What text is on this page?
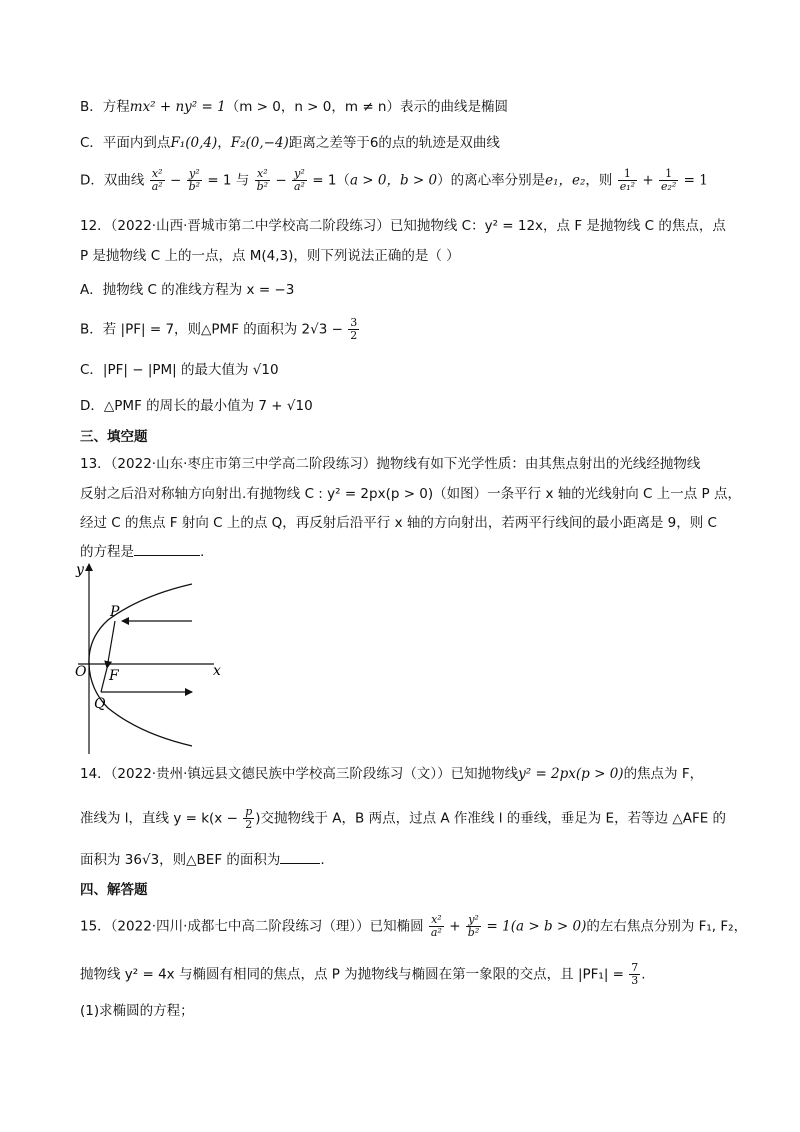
B．方程mx² + ny² = 1（m > 0，n > 0，m ≠ n）表示的曲线是椭圆
C．平面内到点F₁(0,4)，F₂(0,−4)距离之差等于6的点的轨迹是双曲线
D．双曲线 $\frac{\text{x²}}{\text{a²}} - \frac{\text{y²}}{\text{b²}} = 1$ 与 $\frac{\text{x²}}{\text{b²}} - \frac{\text{y²}}{\text{a²}} = 1(a > 0$，b > 0）的离心率分别是e₁，e₂，则 $\frac{1}{\text{e₁²}} + \frac{1}{\text{e₂²}} = 1$
12．（2022·山西·晋城市第二中学校高二阶段练习）已知抛物线 C：y² = 12x，点 F 是抛物线 C 的焦点，点
P 是抛物线 C 上的一点，点 M(4,3)，则下列说法正确的是（ ）
A．抛物线 C 的准线方程为 x = −3
B．若 |PF| = 7，则△PMF 的面积为 $2√3 - \frac{3}{2}$
C．|PF| − |PM| 的最大值为 √10
D．△PMF 的周长的最小值为 7 + √10
三、填空题
13．（2022·山东·枣庄市第三中学高二阶段练习）抛物线有如下光学性质：由其焦点射出的光线经抛物线
反射之后沿对称轴方向射出.有抛物线 C : y² = 2px(p > 0)（如图）一条平行 x 轴的光线射向 C 上一点 P 点，
经过 C 的焦点 F 射向 C 上的点 Q，再反射后沿平行 x 轴的方向射出，若两平行线间的最小距离是 9，则 C
的方程是	.
y
x
O F
P
Q
14．（2022·贵州·镇远县文德民族中学校高三阶段练习（文））已知抛物线y² = 2px(p > 0)的焦点为 F，
准线为 l，直线 $y = k(x - \frac{p}{2}$ )交抛物线于 A，B 两点，过点 A 作准线 l 的垂线，垂足为 E，若等边 △AFE 的
面积为 36√3，则△BEF 的面积为	.
四、解答题
15．（2022·四川·成都七中高二阶段练习（理））已知椭圆 $\frac{\text{x²}}{\text{a²}} + \frac{\text{y²}}{\text{b²}} = 1(a > b > 0)$的左右焦点分别为 F₁, F₂，
抛物线 y² = 4x 与椭圆有相同的焦点，点 P 为抛物线与椭圆在第一象限的交点，且 $|PF_1| = \frac{7}{3}$ .
(1)求椭圆的方程；
